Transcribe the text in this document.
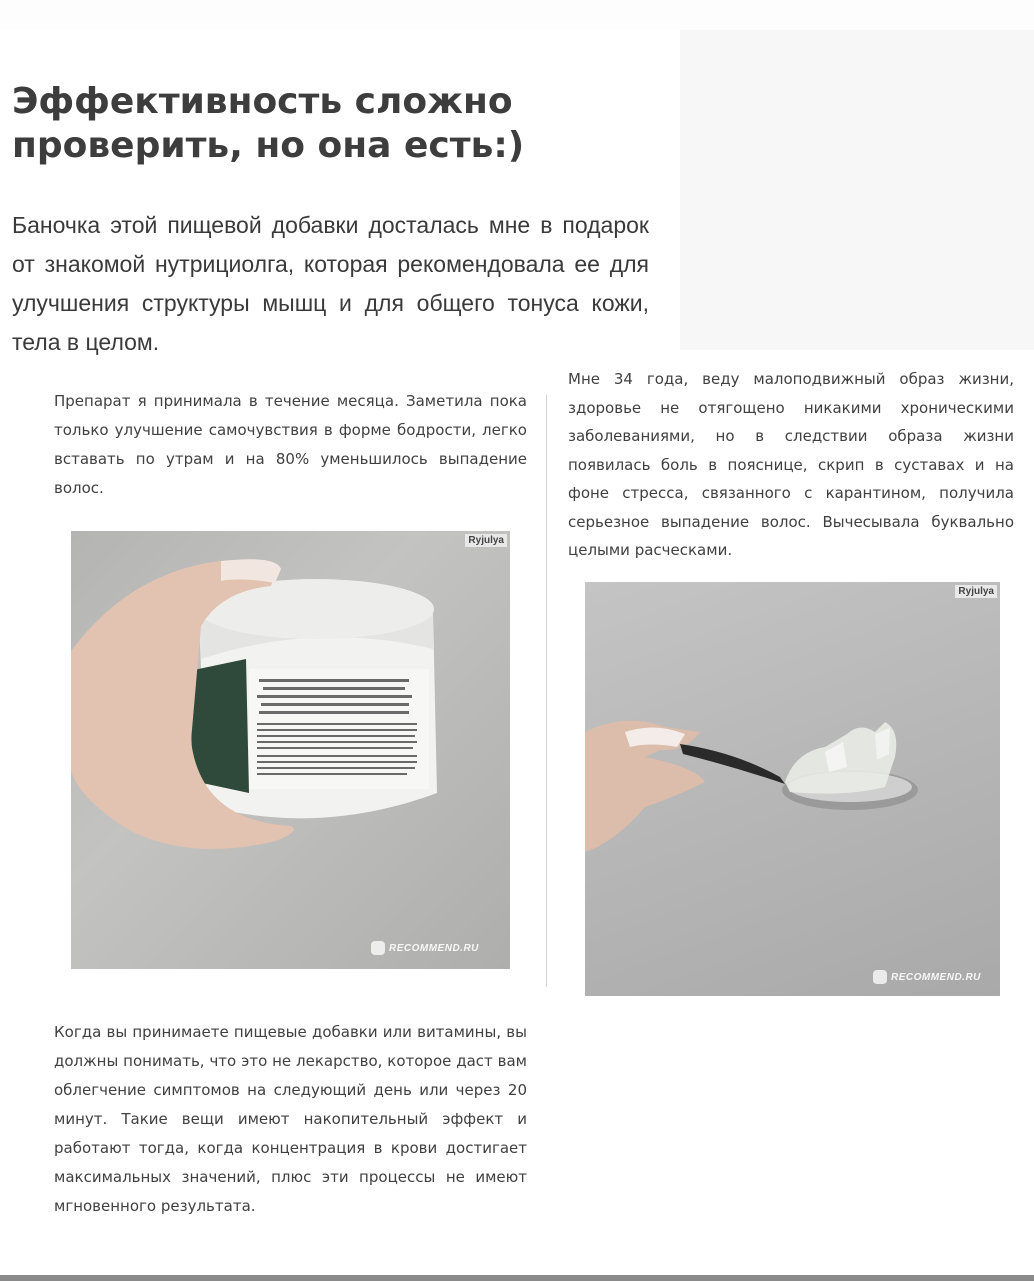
Эффективность сложно проверить, но она есть:)

Баночка этой пищевой добавки досталась мне в подарок от знакомой нутрициолга, которая рекомендовала ее для улучшения структуры мышц и для общего тонуса кожи, тела в целом.

Препарат я принимала в течение месяца. Заметила пока только улучшение самочувствия в форме бодрости, легко вставать по утрам и на 80% уменьшилось выпадение волос.

Мне 34 года, веду малоподвижный образ жизни, здоровье не отягощено никакими хроническими заболеваниями, но в следствии образа жизни появилась боль в пояснице, скрип в суставах и на фоне стресса, связанного с карантином, получила серьезное выпадение волос. Вычесывала буквально целыми расческами.

Ryjulya
RECOMMEND.RU
Ryjulya
RECOMMEND.RU

Когда вы принимаете пищевые добавки или витамины, вы должны понимать, что это не лекарство, которое даст вам облегчение симптомов на следующий день или через 20 минут. Такие вещи имеют накопительный эффект и работают тогда, когда концентрация в крови достигает максимальных значений, плюс эти процессы не имеют мгновенного результата.
